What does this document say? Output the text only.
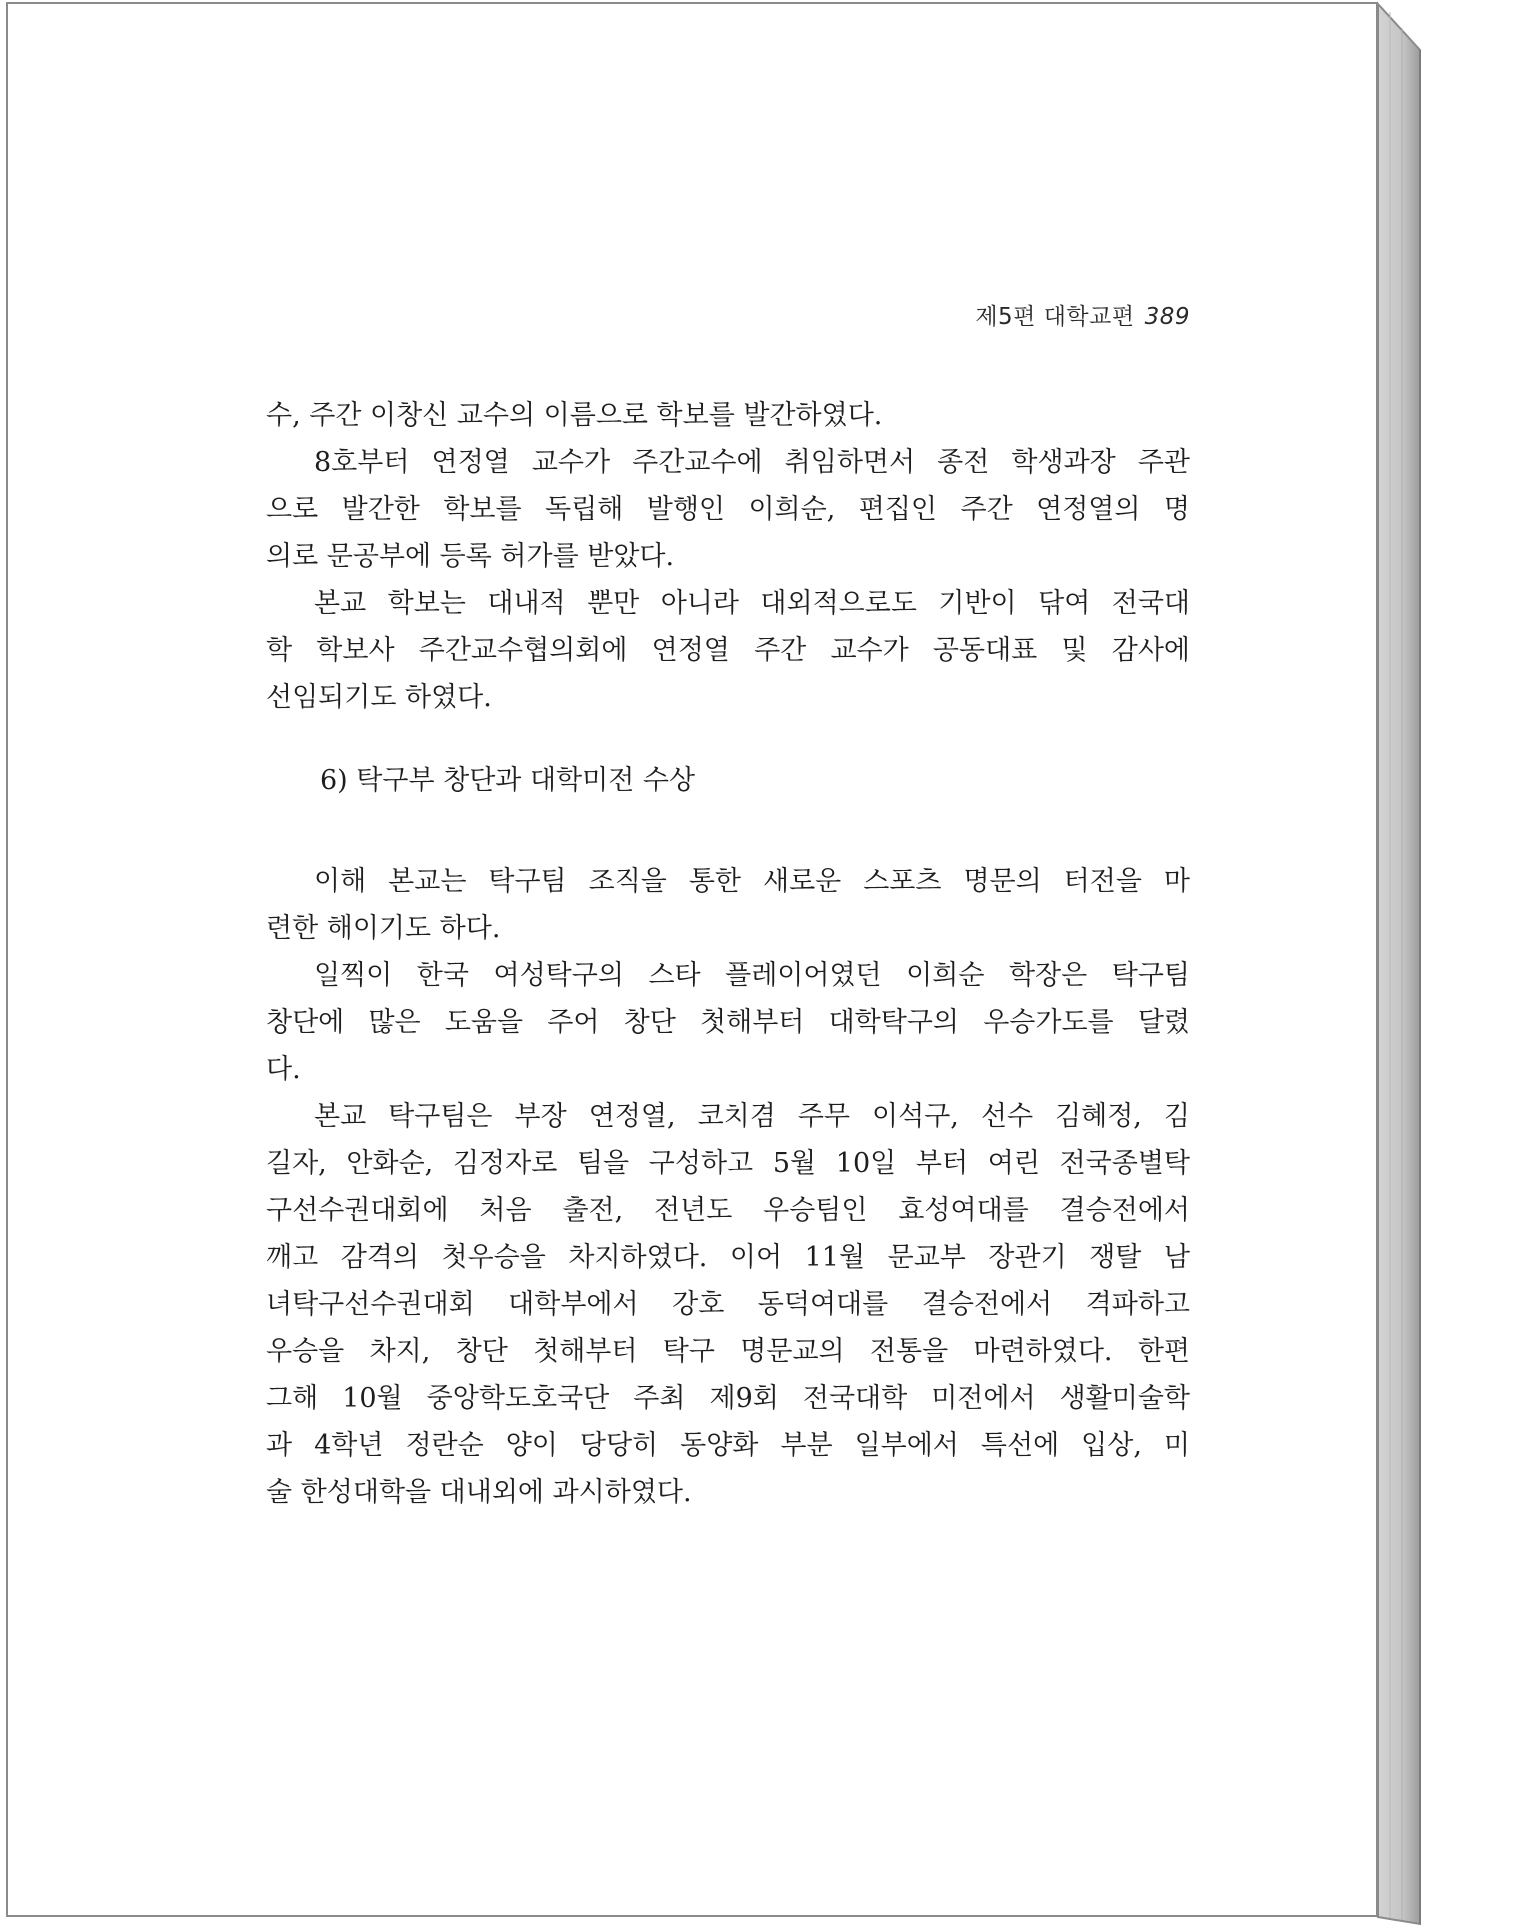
제5편 대학교편 389
수, 주간 이창신 교수의 이름으로 학보를 발간하였다.
8호부터 연정열 교수가 주간교수에 취임하면서 종전 학생과장 주관
으로 발간한 학보를 독립해 발행인 이희순, 편집인 주간 연정열의 명
의로 문공부에 등록 허가를 받았다.
본교 학보는 대내적 뿐만 아니라 대외적으로도 기반이 닦여 전국대
학 학보사 주간교수협의회에 연정열 주간 교수가 공동대표 및 감사에
선임되기도 하였다.
6) 탁구부 창단과 대학미전 수상
이해 본교는 탁구팀 조직을 통한 새로운 스포츠 명문의 터전을 마
련한 해이기도 하다.
일찍이 한국 여성탁구의 스타 플레이어였던 이희순 학장은 탁구팀
창단에 많은 도움을 주어 창단 첫해부터 대학탁구의 우승가도를 달렸
다.
본교 탁구팀은 부장 연정열, 코치겸 주무 이석구, 선수 김혜정, 김
길자, 안화순, 김정자로 팀을 구성하고 5월 10일 부터 여린 전국종별탁
구선수권대회에 처음 출전, 전년도 우승팀인 효성여대를 결승전에서
깨고 감격의 첫우승을 차지하였다. 이어 11월 문교부 장관기 쟁탈 남
녀탁구선수권대회 대학부에서 강호 동덕여대를 결승전에서 격파하고
우승을 차지, 창단 첫해부터 탁구 명문교의 전통을 마련하였다. 한편
그해 10월 중앙학도호국단 주최 제9회 전국대학 미전에서 생활미술학
과 4학년 정란순 양이 당당히 동양화 부분 일부에서 특선에 입상, 미
술 한성대학을 대내외에 과시하였다.
